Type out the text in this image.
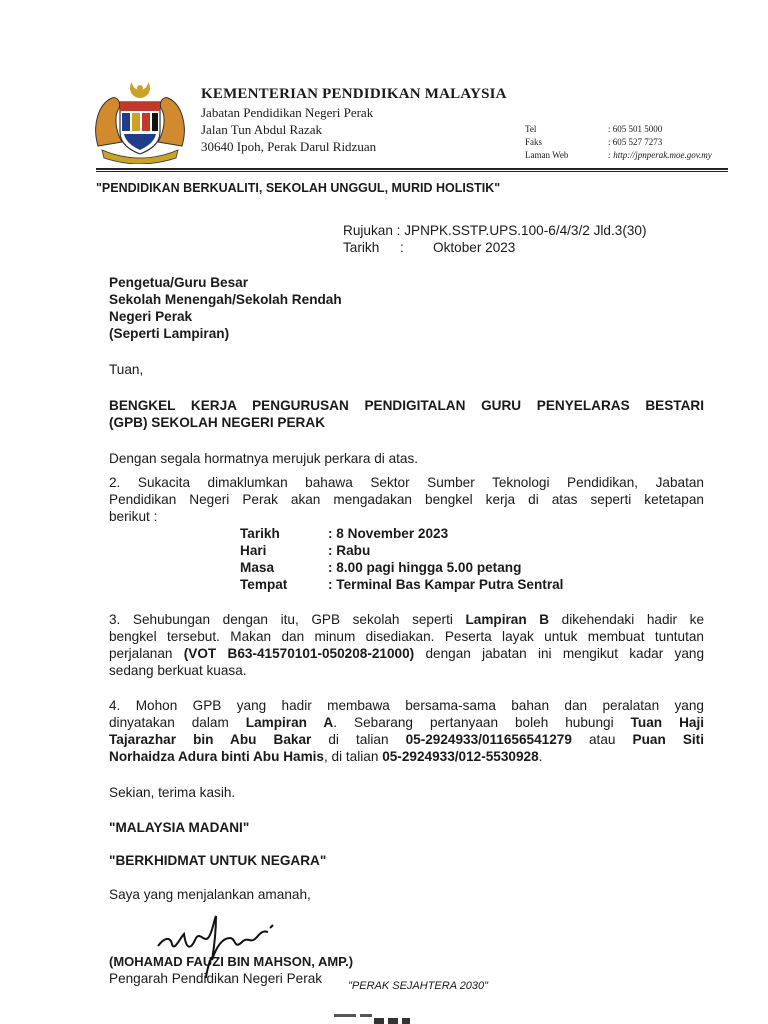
KEMENTERIAN PENDIDIKAN MALAYSIA
Jabatan Pendidikan Negeri Perak
Jalan Tun Abdul Razak
30640 Ipoh, Perak Darul Ridzuan
Tel	: 605 501 5000
Faks	: 605 527 7273
Laman Web	: http://jpnperak.moe.gov.my
"PENDIDIKAN BERKUALITI, SEKOLAH UNGGUL, MURID HOLISTIK"
Rujukan : JPNPK.SSTP.UPS.100-6/4/3/2 Jld.3(30)
Tarikh : Oktober 2023
Pengetua/Guru Besar
Sekolah Menengah/Sekolah Rendah
Negeri Perak
(Seperti Lampiran)
Tuan,
BENGKEL KERJA PENGURUSAN PENDIGITALAN GURU PENYELARAS BESTARI
(GPB) SEKOLAH NEGERI PERAK
Dengan segala hormatnya merujuk perkara di atas.
2. Sukacita dimaklumkan bahawa Sektor Sumber Teknologi Pendidikan, Jabatan
Pendidikan Negeri Perak akan mengadakan bengkel kerja di atas seperti ketetapan
berikut :
Tarikh	: 8 November 2023
Hari	: Rabu
Masa	: 8.00 pagi hingga 5.00 petang
Tempat	: Terminal Bas Kampar Putra Sentral
3. Sehubungan dengan itu, GPB sekolah seperti Lampiran B dikehendaki hadir ke
bengkel tersebut. Makan dan minum disediakan. Peserta layak untuk membuat tuntutan
perjalanan (VOT B63-41570101-050208-21000) dengan jabatan ini mengikut kadar yang
sedang berkuat kuasa.
4. Mohon GPB yang hadir membawa bersama-sama bahan dan peralatan yang
dinyatakan dalam Lampiran A. Sebarang pertanyaan boleh hubungi Tuan Haji
Tajarazhar bin Abu Bakar di talian 05-2924933/011656541279 atau Puan Siti
Norhaidza Adura binti Abu Hamis, di talian 05-2924933/012-5530928.
Sekian, terima kasih.
"MALAYSIA MADANI"
"BERKHIDMAT UNTUK NEGARA"
Saya yang menjalankan amanah,
(MOHAMAD FAUZI BIN MAHSON, AMP.)
Pengarah Pendidikan Negeri Perak "PERAK SEJAHTERA 2030"
